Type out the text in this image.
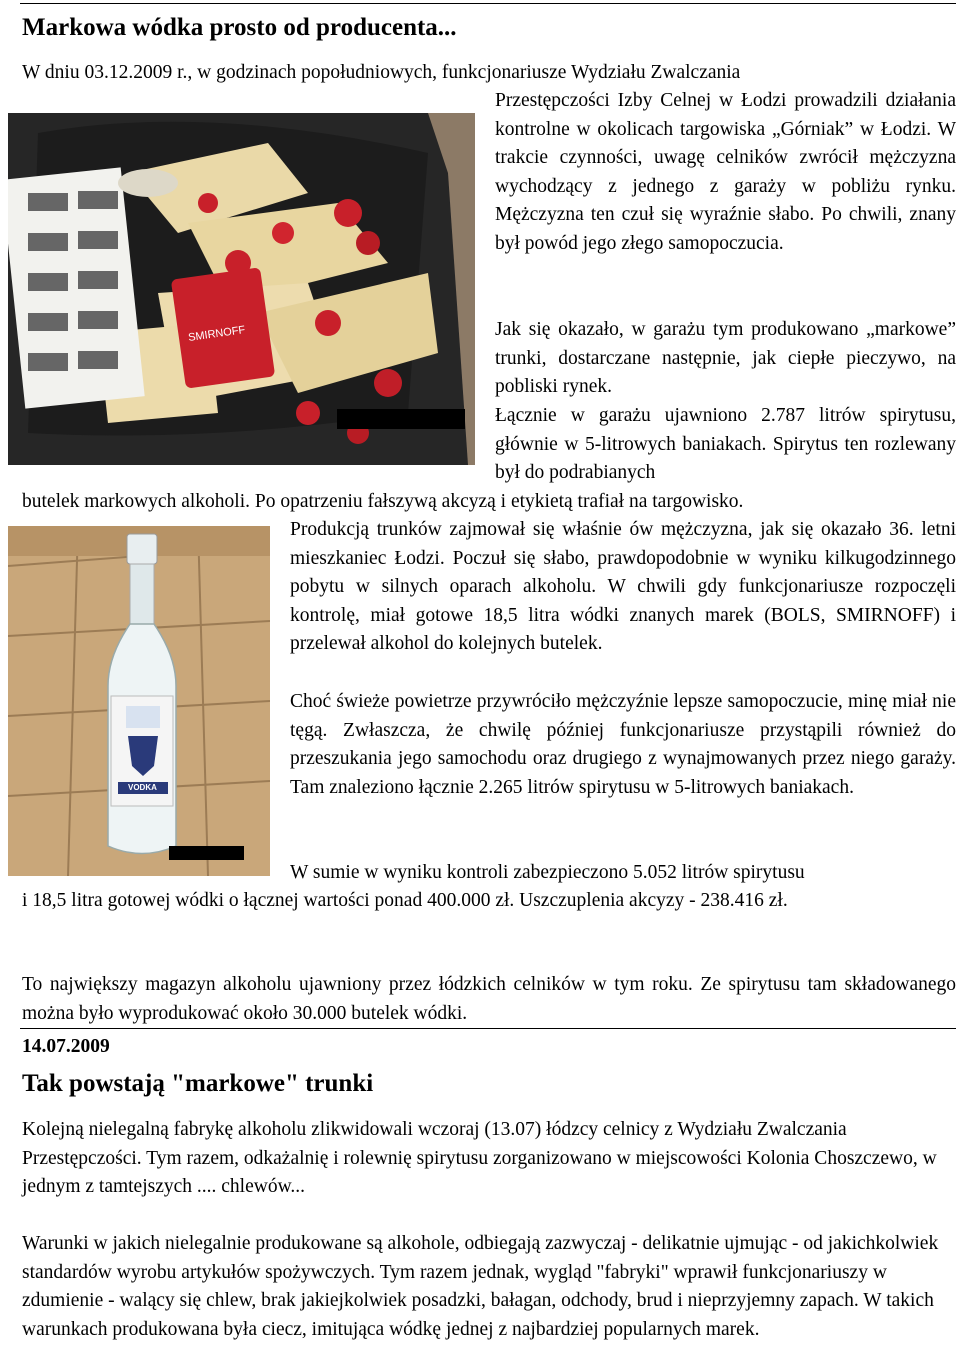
Markowa wódka prosto od producenta...

W dniu 03.12.2009 r., w godzinach popołudniowych, funkcjonariusze Wydziału Zwalczania

SMIRNOFF
Przestępczości Izby Celnej w Łodzi prowadzili działania kontrolne w okolicach targowiska „Górniak” w Łodzi. W trakcie czynności, uwagę celników zwrócił mężczyzna wychodzący z jednego z garaży w pobliżu rynku. Mężczyzna ten czuł się wyraźnie słabo. Po chwili, znany był powód jego złego samopoczucia.
Jak się okazało, w garażu tym produkowano „markowe” trunki, dostarczane następnie, jak ciepłe pieczywo, na pobliski rynek.
Łącznie w garażu ujawniono 2.787 litrów spirytusu, głównie w 5-litrowych baniakach. Spirytus ten rozlewany był do podrabianych

butelek markowych alkoholi. Po opatrzeniu fałszywą akcyzą i etykietą trafiał na targowisko.

VODKA
Produkcją trunków zajmował się właśnie ów mężczyzna, jak się okazało 36. letni mieszkaniec Łodzi. Poczuł się słabo, prawdopodobnie w wyniku kilkugodzinnego pobytu w silnych oparach alkoholu. W chwili gdy funkcjonariusze rozpoczęli kontrolę, miał gotowe 18,5 litra wódki znanych marek (BOLS, SMIRNOFF) i przelewał alkohol do kolejnych butelek.
Choć świeże powietrze przywróciło mężczyźnie lepsze samopoczucie, minę miał nie tęgą. Zwłaszcza, że chwilę później funkcjonariusze przystąpili również do przeszukania jego samochodu oraz drugiego z wynajmowanych przez niego garaży. Tam znaleziono łącznie 2.265 litrów spirytusu w 5-litrowych baniakach.
W sumie w wyniku kontroli zabezpieczono 5.052 litrów spirytusu
i 18,5 litra gotowej wódki o łącznej wartości ponad 400.000 zł. Uszczuplenia akcyzy - 238.416 zł.
To największy magazyn alkoholu ujawniony przez łódzkich celników w tym roku. Ze spirytusu tam składowanego można było wyprodukować około 30.000 butelek wódki.
14.07.2009
Tak powstają "markowe" trunki
Kolejną nielegalną fabrykę alkoholu zlikwidowali wczoraj (13.07) łódzcy celnicy z Wydziału Zwalczania Przestępczości. Tym razem, odkażalnię i rolewnię spirytusu zorganizowano w miejscowości Kolonia Choszczewo, w jednym z tamtejszych .... chlewów...
Warunki w jakich nielegalnie produkowane są alkohole, odbiegają zazwyczaj - delikatnie ujmując - od jakichkolwiek standardów wyrobu artykułów spożywczych. Tym razem jednak, wygląd "fabryki" wprawił funkcjonariuszy w zdumienie - walący się chlew, brak jakiejkolwiek posadzki, bałagan, odchody, brud i nieprzyjemny zapach. W takich warunkach produkowana była ciecz, imitująca wódkę jednej z najbardziej popularnych marek.
